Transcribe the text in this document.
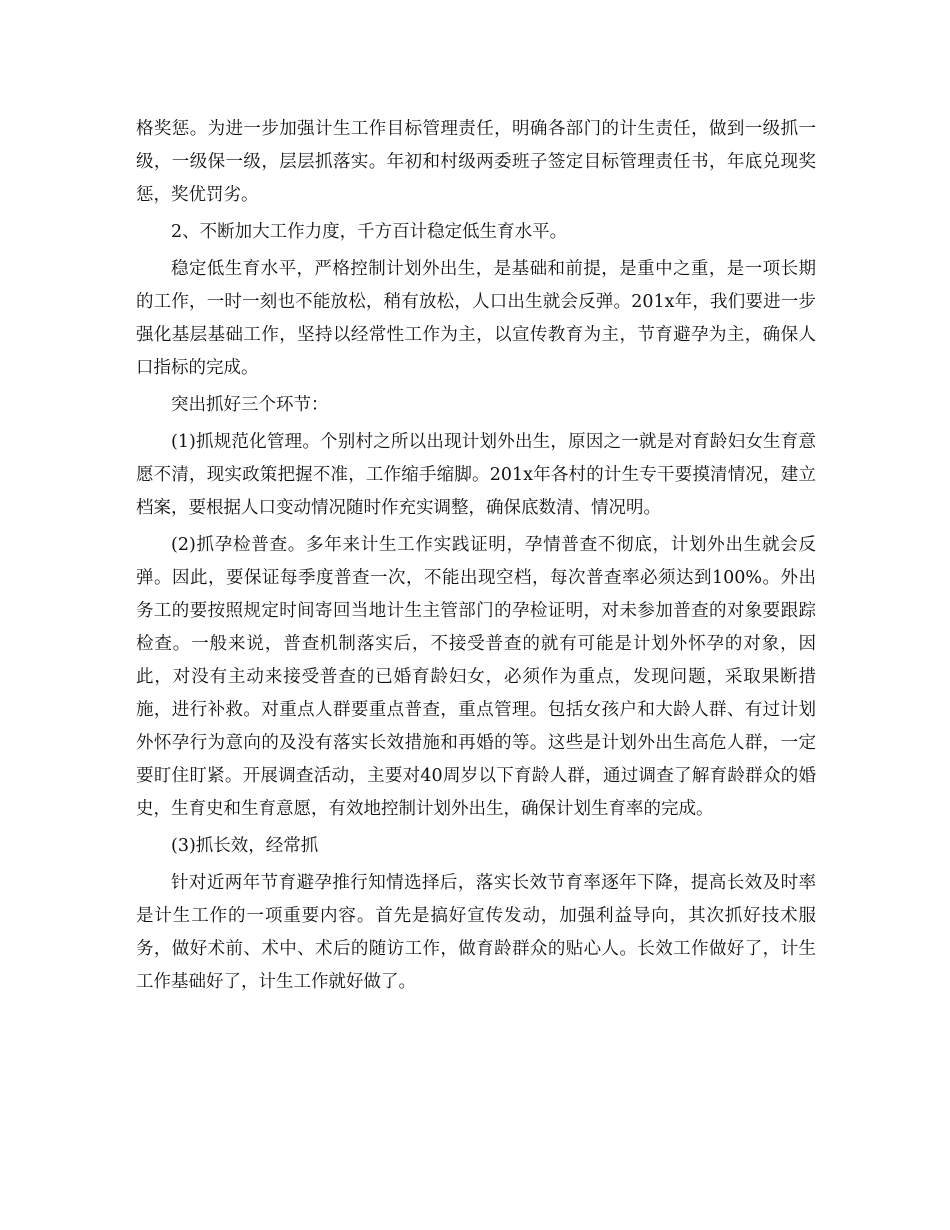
格奖惩。为进一步加强计生工作目标管理责任，明确各部门的计生责任，做到一级抓一级，一级保一级，层层抓落实。年初和村级两委班子签定目标管理责任书，年底兑现奖惩，奖优罚劣。

2、不断加大工作力度，千方百计稳定低生育水平。

稳定低生育水平，严格控制计划外出生，是基础和前提，是重中之重，是一项长期的工作，一时一刻也不能放松，稍有放松，人口出生就会反弹。201x年，我们要进一步强化基层基础工作，坚持以经常性工作为主，以宣传教育为主，节育避孕为主，确保人口指标的完成。

突出抓好三个环节：

(1)抓规范化管理。个别村之所以出现计划外出生，原因之一就是对育龄妇女生育意愿不清，现实政策把握不准，工作缩手缩脚。201x年各村的计生专干要摸清情况，建立档案，要根据人口变动情况随时作充实调整，确保底数清、情况明。

(2)抓孕检普查。多年来计生工作实践证明，孕情普查不彻底，计划外出生就会反弹。因此，要保证每季度普查一次，不能出现空档，每次普查率必须达到100%。外出务工的要按照规定时间寄回当地计生主管部门的孕检证明，对未参加普查的对象要跟踪检查。一般来说，普查机制落实后，不接受普查的就有可能是计划外怀孕的对象，因此，对没有主动来接受普查的已婚育龄妇女，必须作为重点，发现问题，采取果断措施，进行补救。对重点人群要重点普查，重点管理。包括女孩户和大龄人群、有过计划外怀孕行为意向的及没有落实长效措施和再婚的等。这些是计划外出生高危人群，一定要盯住盯紧。开展调查活动，主要对40周岁以下育龄人群，通过调查了解育龄群众的婚史，生育史和生育意愿，有效地控制计划外出生，确保计划生育率的完成。

(3)抓长效，经常抓

针对近两年节育避孕推行知情选择后，落实长效节育率逐年下降，提高长效及时率是计生工作的一项重要内容。首先是搞好宣传发动，加强利益导向，其次抓好技术服务，做好术前、术中、术后的随访工作，做育龄群众的贴心人。长效工作做好了，计生工作基础好了，计生工作就好做了。
